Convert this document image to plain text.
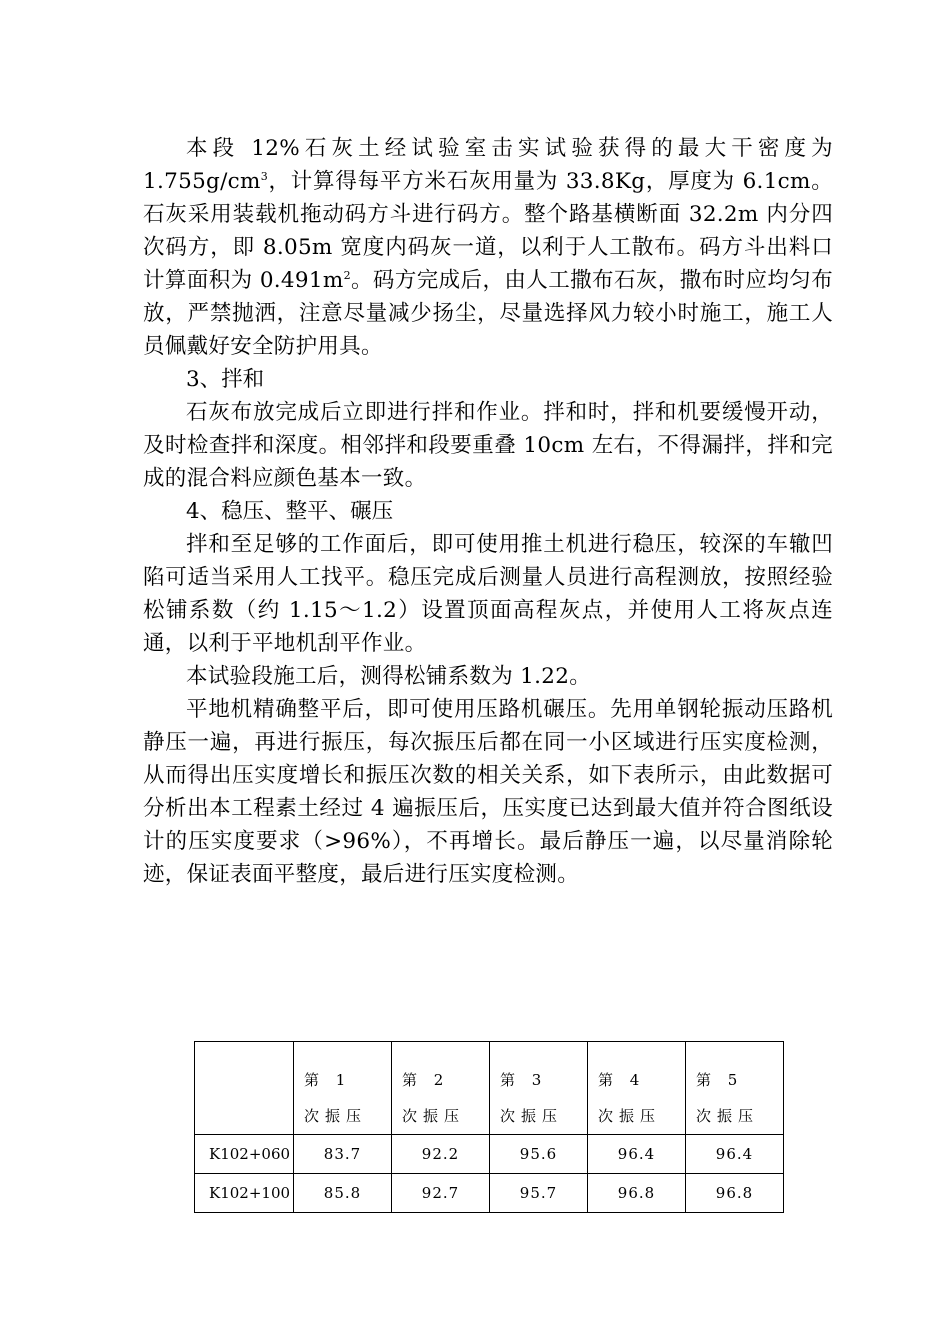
本段 12%石灰土经试验室击实试验获得的最大干密度为 $1.755g/cm^3$，计算得每平方米石灰用量为 33.8Kg，厚度为 6.1cm。石灰采用装载机拖动码方斗进行码方。整个路基横断面 32.2m 内分四次码方，即 8.05m 宽度内码灰一道，以利于人工散布。码方斗出料口计算面积为 $0.491m^2$。码方完成后，由人工撒布石灰，撒布时应均匀布放，严禁抛洒，注意尽量减少扬尘，尽量选择风力较小时施工，施工人员佩戴好安全防护用具。

3、拌和

石灰布放完成后立即进行拌和作业。拌和时，拌和机要缓慢开动，及时检查拌和深度。相邻拌和段要重叠 10cm 左右，不得漏拌，拌和完成的混合料应颜色基本一致。

4、稳压、整平、碾压

拌和至足够的工作面后，即可使用推土机进行稳压，较深的车辙凹陷可适当采用人工找平。稳压完成后测量人员进行高程测放，按照经验松铺系数（约 1.15～1.2）设置顶面高程灰点，并使用人工将灰点连通，以利于平地机刮平作业。

本试验段施工后，测得松铺系数为 1.22。

平地机精确整平后，即可使用压路机碾压。先用单钢轮振动压路机静压一遍，再进行振压，每次振压后都在同一小区域进行压实度检测，从而得出压实度增长和振压次数的相关关系，如下表所示，由此数据可分析出本工程素土经过 4 遍振压后，压实度已达到最大值并符合图纸设计的压实度要求（>96%），不再增长。最后静压一遍，以尽量消除轮迹，保证表面平整度，最后进行压实度检测。

	第 1 次振压	第 2 次振压	第 3 次振压	第 4 次振压	第 5 次振压
K102+060	83.7	92.2	95.6	96.4	96.4
K102+100	85.8	92.7	95.7	96.8	96.8
